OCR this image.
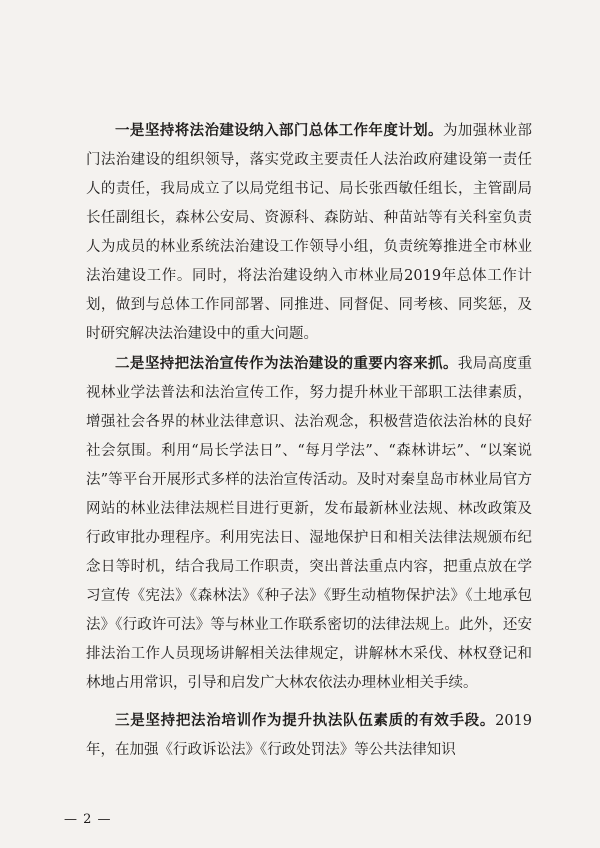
一是坚持将法治建设纳入部门总体工作年度计划。为加强林业部门法治建设的组织领导，落实党政主要责任人法治政府建设第一责任人的责任，我局成立了以局党组书记、局长张西敏任组长，主管副局长任副组长，森林公安局、资源科、森防站、种苗站等有关科室负责人为成员的林业系统法治建设工作领导小组，负责统筹推进全市林业法治建设工作。同时，将法治建设纳入市林业局2019年总体工作计划，做到与总体工作同部署、同推进、同督促、同考核、同奖惩，及时研究解决法治建设中的重大问题。

二是坚持把法治宣传作为法治建设的重要内容来抓。我局高度重视林业学法普法和法治宣传工作，努力提升林业干部职工法律素质，增强社会各界的林业法律意识、法治观念，积极营造依法治林的良好社会氛围。利用“局长学法日”、“每月学法”、“森林讲坛”、“以案说法”等平台开展形式多样的法治宣传活动。及时对秦皇岛市林业局官方网站的林业法律法规栏目进行更新，发布最新林业法规、林改政策及行政审批办理程序。利用宪法日、湿地保护日和相关法律法规颁布纪念日等时机，结合我局工作职责，突出普法重点内容，把重点放在学习宣传《宪法》《森林法》《种子法》《野生动植物保护法》《土地承包法》《行政许可法》等与林业工作联系密切的法律法规上。此外，还安排法治工作人员现场讲解相关法律规定，讲解林木采伐、林权登记和林地占用常识，引导和启发广大林农依法办理林业相关手续。

三是坚持把法治培训作为提升执法队伍素质的有效手段。2019年，在加强《行政诉讼法》《行政处罚法》等公共法律知识

— 2 —
